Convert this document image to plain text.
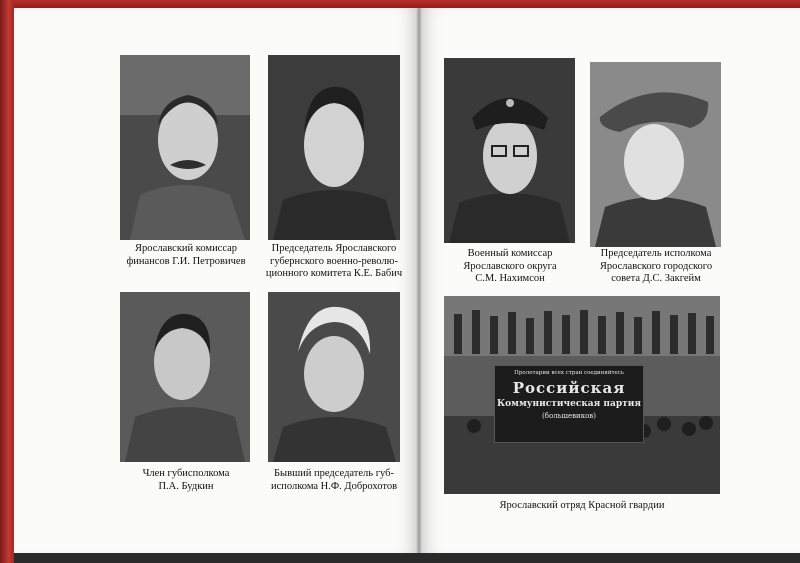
Ярославский комиссар
финансов Г.И. Петровичев
Председатель Ярославского
губернского военно-револю-
ционного комитета К.Е. Бабич
Член губисполкома
П.А. Будкин
Бывший председатель губ-
исполкома Н.Ф. Доброхотов
Военный комиссар
Ярославского округа
С.М. Нахимсон
Председатель исполкома
Ярославского городского
совета Д.С. Закгейм
Пролетарии всех стран соединяйтесь
Российская
Коммунистическая партия
(большевиков)
Ярославский отряд Красной гвардии
